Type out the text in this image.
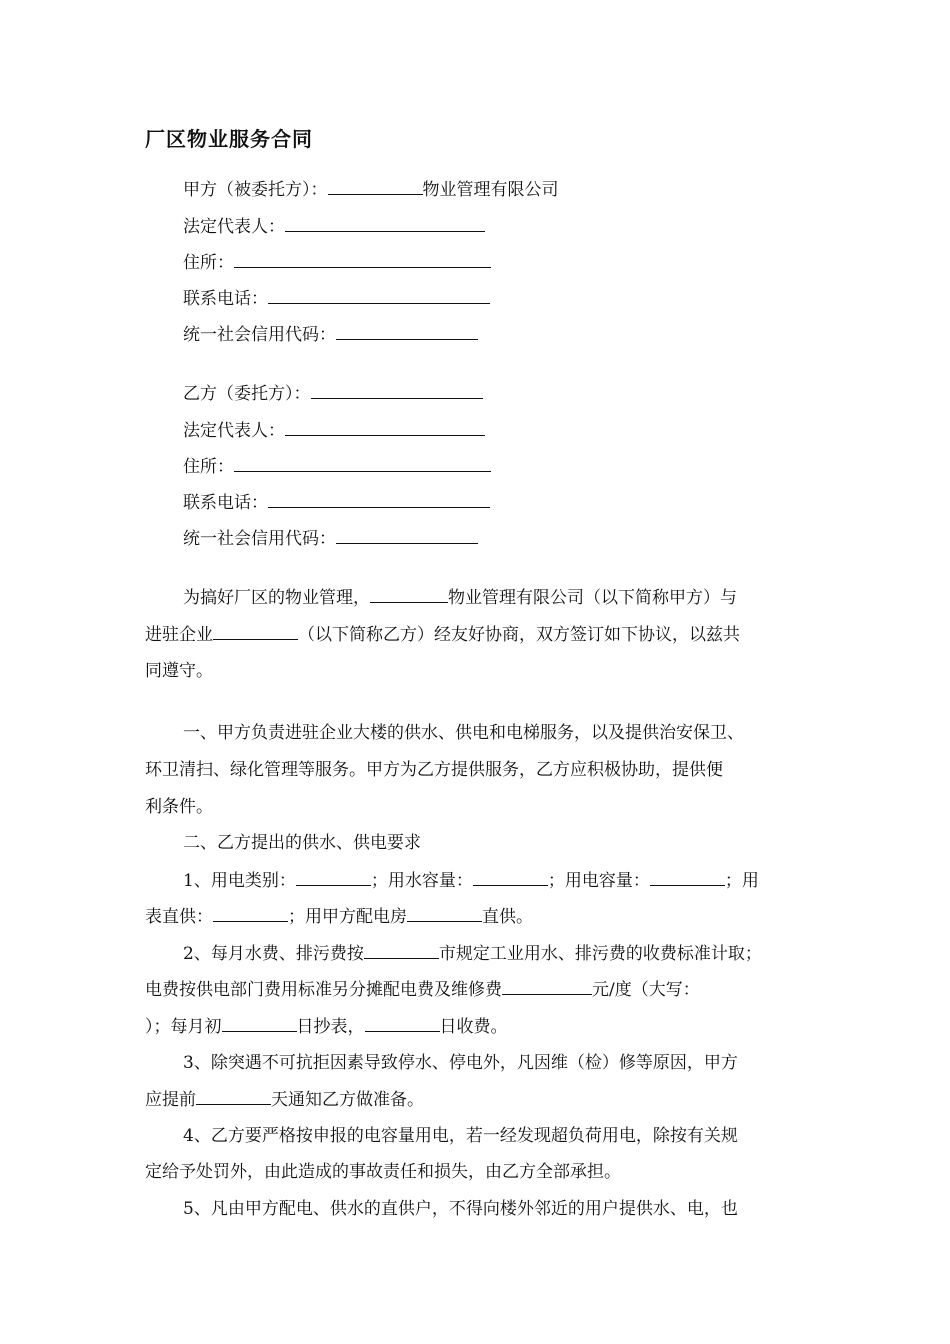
厂区物业服务合同
甲方（被委托方）：	物业管理有限公司
法定代表人：
住所：
联系电话：
统一社会信用代码：
乙方（委托方）：
法定代表人：
住所：
联系电话：
统一社会信用代码：
为搞好厂区的物业管理，	物业管理有限公司（以下简称甲方）与
进驻企业	（以下简称乙方）经友好协商，双方签订如下协议，以兹共
同遵守。
一、甲方负责进驻企业大楼的供水、供电和电梯服务，以及提供治安保卫、
环卫清扫、绿化管理等服务。甲方为乙方提供服务，乙方应积极协助，提供便
利条件。
二、乙方提出的供水、供电要求
1、用电类别：	；用水容量：	；用电容量：	；用
表直供：	；用甲方配电房	直供。
2、每月水费、排污费按	市规定工业用水、排污费的收费标准计取；
电费按供电部门费用标准另分摊配电费及维修费	元/度（大写：
）；每月初	日抄表，	日收费。
3、除突遇不可抗拒因素导致停水、停电外，凡因维（检）修等原因，甲方
应提前	天通知乙方做准备。
4、乙方要严格按申报的电容量用电，若一经发现超负荷用电，除按有关规
定给予处罚外，由此造成的事故责任和损失，由乙方全部承担。
5、凡由甲方配电、供水的直供户，不得向楼外邻近的用户提供水、电，也
